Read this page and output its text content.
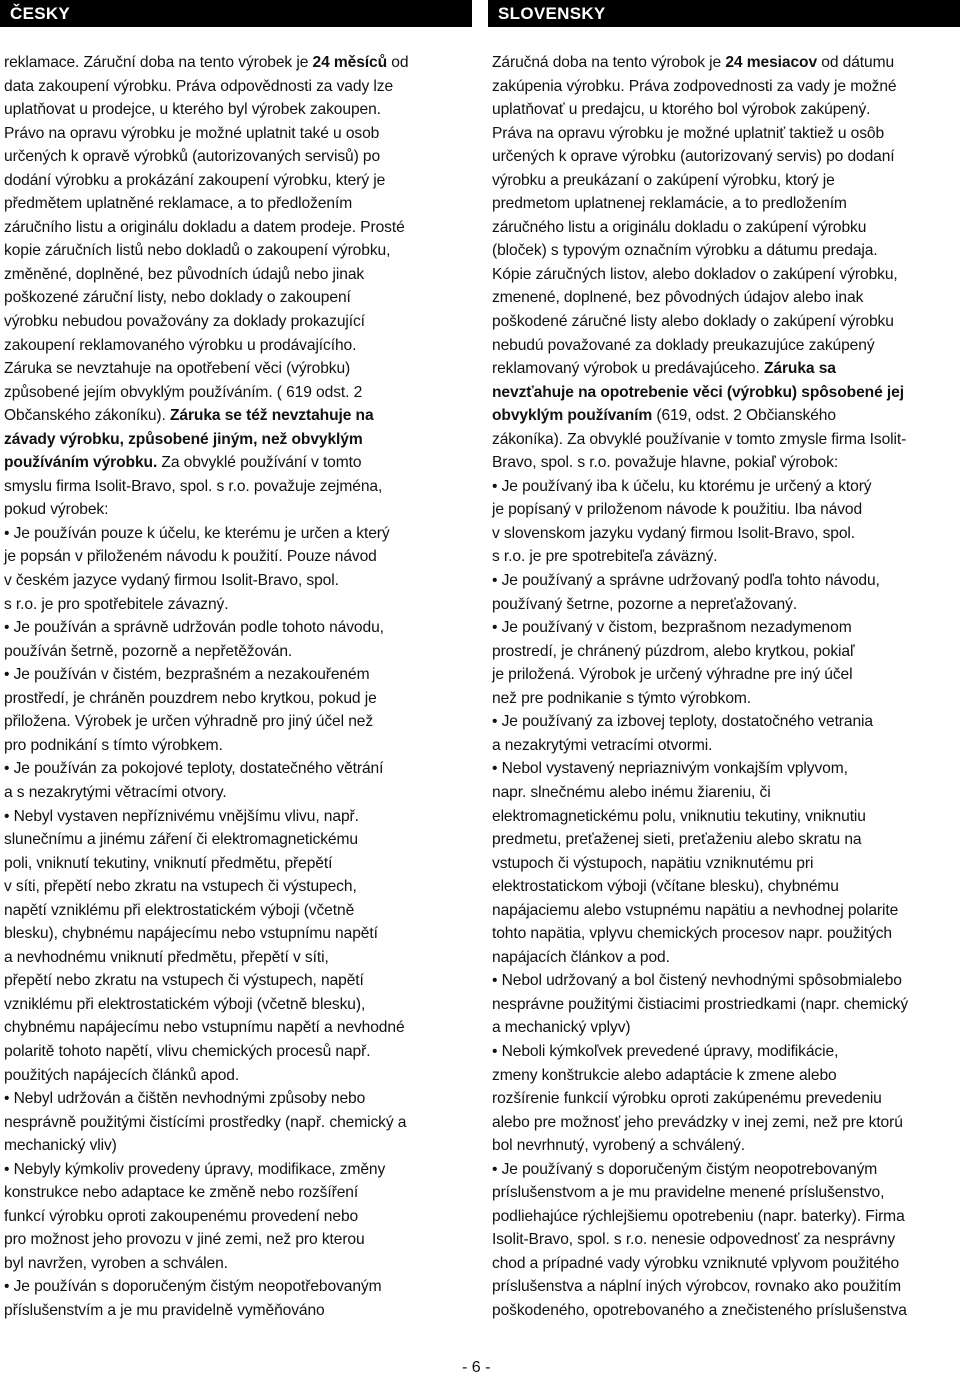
ČESKY
reklamace. Záruční doba na tento výrobek je 24 měsíců od
data zakoupení výrobku. Práva odpovědnosti za vady lze
uplatňovat u prodejce, u kterého byl výrobek zakoupen.
Právo na opravu výrobku je možné uplatnit také u osob
určených k opravě výrobků (autorizovaných servisů) po
dodání výrobku a prokázání zakoupení výrobku, který je
předmětem uplatněné reklamace, a to předložením
záručního listu a originálu dokladu a datem prodeje. Prosté
kopie záručních listů nebo dokladů o zakoupení výrobku,
změněné, doplněné, bez původních údajů nebo jinak
poškozené záruční listy, nebo doklady o zakoupení
výrobku nebudou považovány za doklady prokazující
zakoupení reklamovaného výrobku u prodávajícího.
Záruka se nevztahuje na opotřebení věci (výrobku)
způsobené jejím obvyklým používáním. ( 619 odst. 2
Občanského zákoníku). Záruka se též nevztahuje na
závady výrobku, způsobené jiným, než obvyklým
používáním výrobku. Za obvyklé používání v tomto
smyslu firma Isolit-Bravo, spol. s r.o. považuje zejména,
pokud výrobek:
• Je používán pouze k účelu, ke kterému je určen a který
je popsán v přiloženém návodu k použití. Pouze návod
v českém jazyce vydaný firmou Isolit-Bravo, spol.
s r.o. je pro spotřebitele závazný.
• Je používán a správně udržován podle tohoto návodu,
používán šetrně, pozorně a nepřetěžován.
• Je používán v čistém, bezprašném a nezakouřeném
prostředí, je chráněn pouzdrem nebo krytkou, pokud je
přiložena. Výrobek je určen výhradně pro jiný účel než
pro podnikání s tímto výrobkem.
• Je používán za pokojové teploty, dostatečného větrání
a s nezakrytými větracími otvory.
• Nebyl vystaven nepříznivému vnějšímu vlivu, např.
slunečnímu a jinému záření či elektromagnetickému
poli, vniknutí tekutiny, vniknutí předmětu, přepětí
v síti, přepětí nebo zkratu na vstupech či výstupech,
napětí vzniklému při elektrostatickém výboji (včetně
blesku), chybnému napájecímu nebo vstupnímu napětí
a nevhodnému vniknutí předmětu, přepětí v síti,
přepětí nebo zkratu na vstupech či výstupech, napětí
vzniklému při elektrostatickém výboji (včetně blesku),
chybnému napájecímu nebo vstupnímu napětí a nevhodné
polaritě tohoto napětí, vlivu chemických procesů např.
použitých napájecích článků apod.
• Nebyl udržován a čištěn nevhodnými způsoby nebo
nesprávně použitými čistícími prostředky (např. chemický a
mechanický vliv)
• Nebyly kýmkoliv provedeny úpravy, modifikace, změny
konstrukce nebo adaptace ke změně nebo rozšíření
funkcí výrobku oproti zakoupenému provedení nebo
pro možnost jeho provozu v jiné zemi, než pro kterou
byl navržen, vyroben a schválen.
• Je používán s doporučeným čistým neopotřebovaným
příslušenstvím a je mu pravidelně vyměňováno
SLOVENSKY
Záručná doba na tento výrobok je 24 mesiacov od dátumu
zakúpenia výrobku. Práva zodpovednosti za vady je možné
uplatňovať u predajcu, u ktorého bol výrobok zakúpený.
Práva na opravu výrobku je možné uplatniť taktiež u osôb
určených k oprave výrobku (autorizovaný servis) po dodaní
výrobku a preukázaní o zakúpení výrobku, ktorý je
predmetom uplatnenej reklamácie, a to predložením
záručného listu a originálu dokladu o zakúpení výrobku
(bloček) s typovým označním výrobku a dátumu predaja.
Kópie záručných listov, alebo dokladov o zakúpení výrobku,
zmenené, doplnené, bez pôvodných údajov alebo inak
poškodené záručné listy alebo doklady o zakúpení výrobku
nebudú považované za doklady preukazujúce zakúpený
reklamovaný výrobok u predávajúceho. Záruka sa
nevzťahuje na opotrebenie věci (výrobku) spôsobené jej
obvyklým používaním (619, odst. 2 Občianského
zákoníka). Za obvyklé používanie v tomto zmysle firma Isolit-
Bravo, spol. s r.o. považuje hlavne, pokiaľ výrobok:
• Je používaný iba k účelu, ku ktorému je určený a ktorý
je popísaný v priloženom návode k použitiu. Iba návod
v slovenskom jazyku vydaný firmou Isolit-Bravo, spol.
s r.o. je pre spotrebiteľa záväzný.
• Je používaný a správne udržovaný podľa tohto návodu,
používaný šetrne, pozorne a nepreťažovaný.
• Je používaný v čistom, bezprašnom nezadymenom
prostredí, je chránený púzdrom, alebo krytkou, pokiaľ
je priložená. Výrobok je určený výhradne pre iný účel
než pre podnikanie s týmto výrobkom.
• Je používaný za izbovej teploty, dostatočného vetrania
a nezakrytými vetracími otvormi.
• Nebol vystavený nepriaznivým vonkajším vplyvom,
napr. slnečnému alebo inému žiareniu, či
elektromagnetickému polu, vniknutiu tekutiny, vniknutiu
predmetu, preťaženej sieti, preťaženiu alebo skratu na
vstupoch či výstupoch, napätiu vzniknutému pri
elektrostatickom výboji (včítane blesku), chybnému
napájaciemu alebo vstupnému napätiu a nevhodnej polarite
tohto napätia, vplyvu chemických procesov napr. použitých
napájacích článkov a pod.
• Nebol udržovaný a bol čistený nevhodnými spôsobmialebo
nesprávne použitými čistiacimi prostriedkami (napr. chemický
a mechanický vplyv)
• Neboli kýmkoľvek prevedené úpravy, modifikácie,
zmeny konštrukcie alebo adaptácie k zmene alebo
rozšírenie funkcií výrobku oproti zakúpenému prevedeniu
alebo pre možnosť jeho prevádzky v inej zemi, než pre ktorú
bol nevrhnutý, vyrobený a schválený.
• Je používaný s doporučeným čistým neopotrebovaným
príslušenstvom a je mu pravidelne menené príslušenstvo,
podliehajúce rýchlejšiemu opotrebeniu (napr. baterky). Firma
Isolit-Bravo, spol. s r.o. nenesie odpovednosť za nesprávny
chod a prípadné vady výrobku vzniknuté vplyvom použitého
príslušenstva a náplní iných výrobcov, rovnako ako použitím
poškodeného, opotrebovaného a znečisteného príslušenstva
- 6 -
